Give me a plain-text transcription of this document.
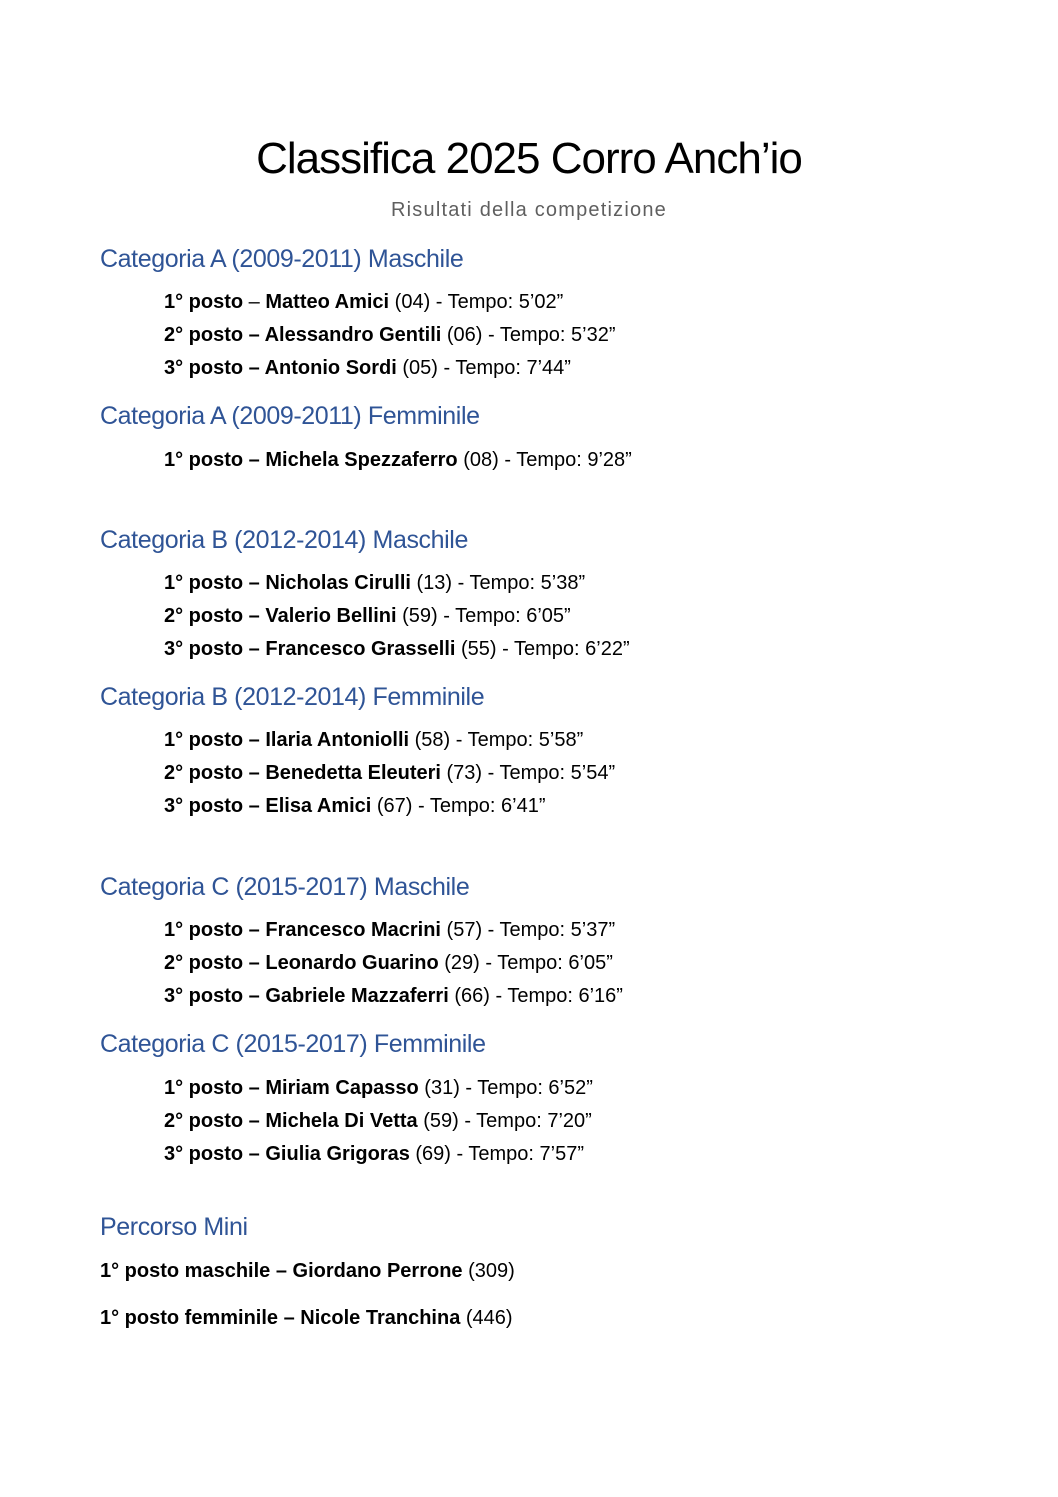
Classifica 2025 Corro Anch’io
Risultati della competizione
Categoria A (2009-2011) Maschile
1° posto – Matteo Amici (04) - Tempo: 5’02”
2° posto – Alessandro Gentili (06) - Tempo: 5’32”
3° posto – Antonio Sordi (05) - Tempo: 7’44”
Categoria A (2009-2011) Femminile
1° posto – Michela Spezzaferro (08) - Tempo: 9’28”
Categoria B (2012-2014) Maschile
1° posto – Nicholas Cirulli (13) - Tempo: 5’38”
2° posto – Valerio Bellini (59) - Tempo: 6’05”
3° posto – Francesco Grasselli (55) - Tempo: 6’22”
Categoria B (2012-2014) Femminile
1° posto – Ilaria Antoniolli (58) - Tempo: 5’58”
2° posto – Benedetta Eleuteri (73) - Tempo: 5’54”
3° posto – Elisa Amici (67) - Tempo: 6’41”
Categoria C (2015-2017) Maschile
1° posto – Francesco Macrini (57) - Tempo: 5’37”
2° posto – Leonardo Guarino (29) - Tempo: 6’05”
3° posto – Gabriele Mazzaferri (66) - Tempo: 6’16”
Categoria C (2015-2017) Femminile
1° posto – Miriam Capasso (31) - Tempo: 6’52”
2° posto – Michela Di Vetta (59) - Tempo: 7’20”
3° posto – Giulia Grigoras (69) - Tempo: 7’57”
Percorso Mini
1° posto maschile – Giordano Perrone (309)
1° posto femminile – Nicole Tranchina (446)
